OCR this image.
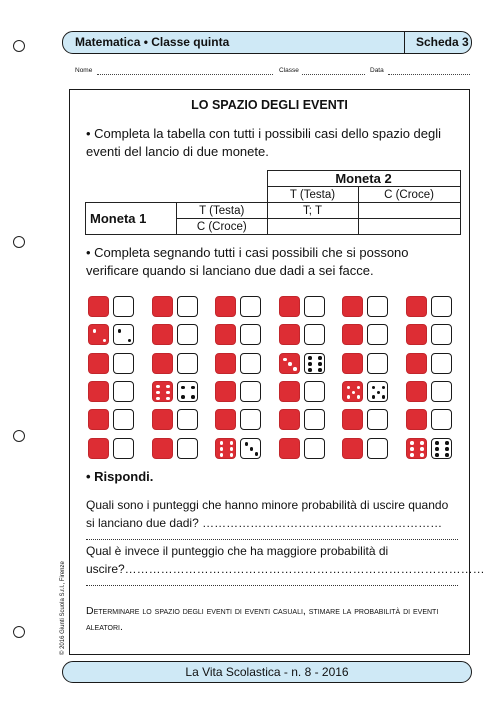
Matematica • Classe quinta	Scheda 3
Nome	Classe	Data
LO SPAZIO DEGLI EVENTI
• Completa la tabella con tutti i possibili casi dello spazio degli eventi del lancio di due monete.
		Moneta 2	
		T (Testa)	C (Croce)
Moneta 1	T (Testa)	T; T	
	C (Croce)		
• Completa segnando tutti i casi possibili che si possono verificare quando si lanciano due dadi a sei facce.
• Rispondi.
Quali sono i punteggi che hanno minore probabilità di uscire quando si lanciano due dadi? ……………………………………………………
Qual è invece il punteggio che ha maggiore probabilità di uscire?………………………………………………………………………………
Determinare lo spazio degli eventi di eventi casuali, stimare la probabilità di eventi aleatori.
© 2016 Giunti Scuola S.r.l., Firenze
La Vita Scolastica - n. 8 - 2016
